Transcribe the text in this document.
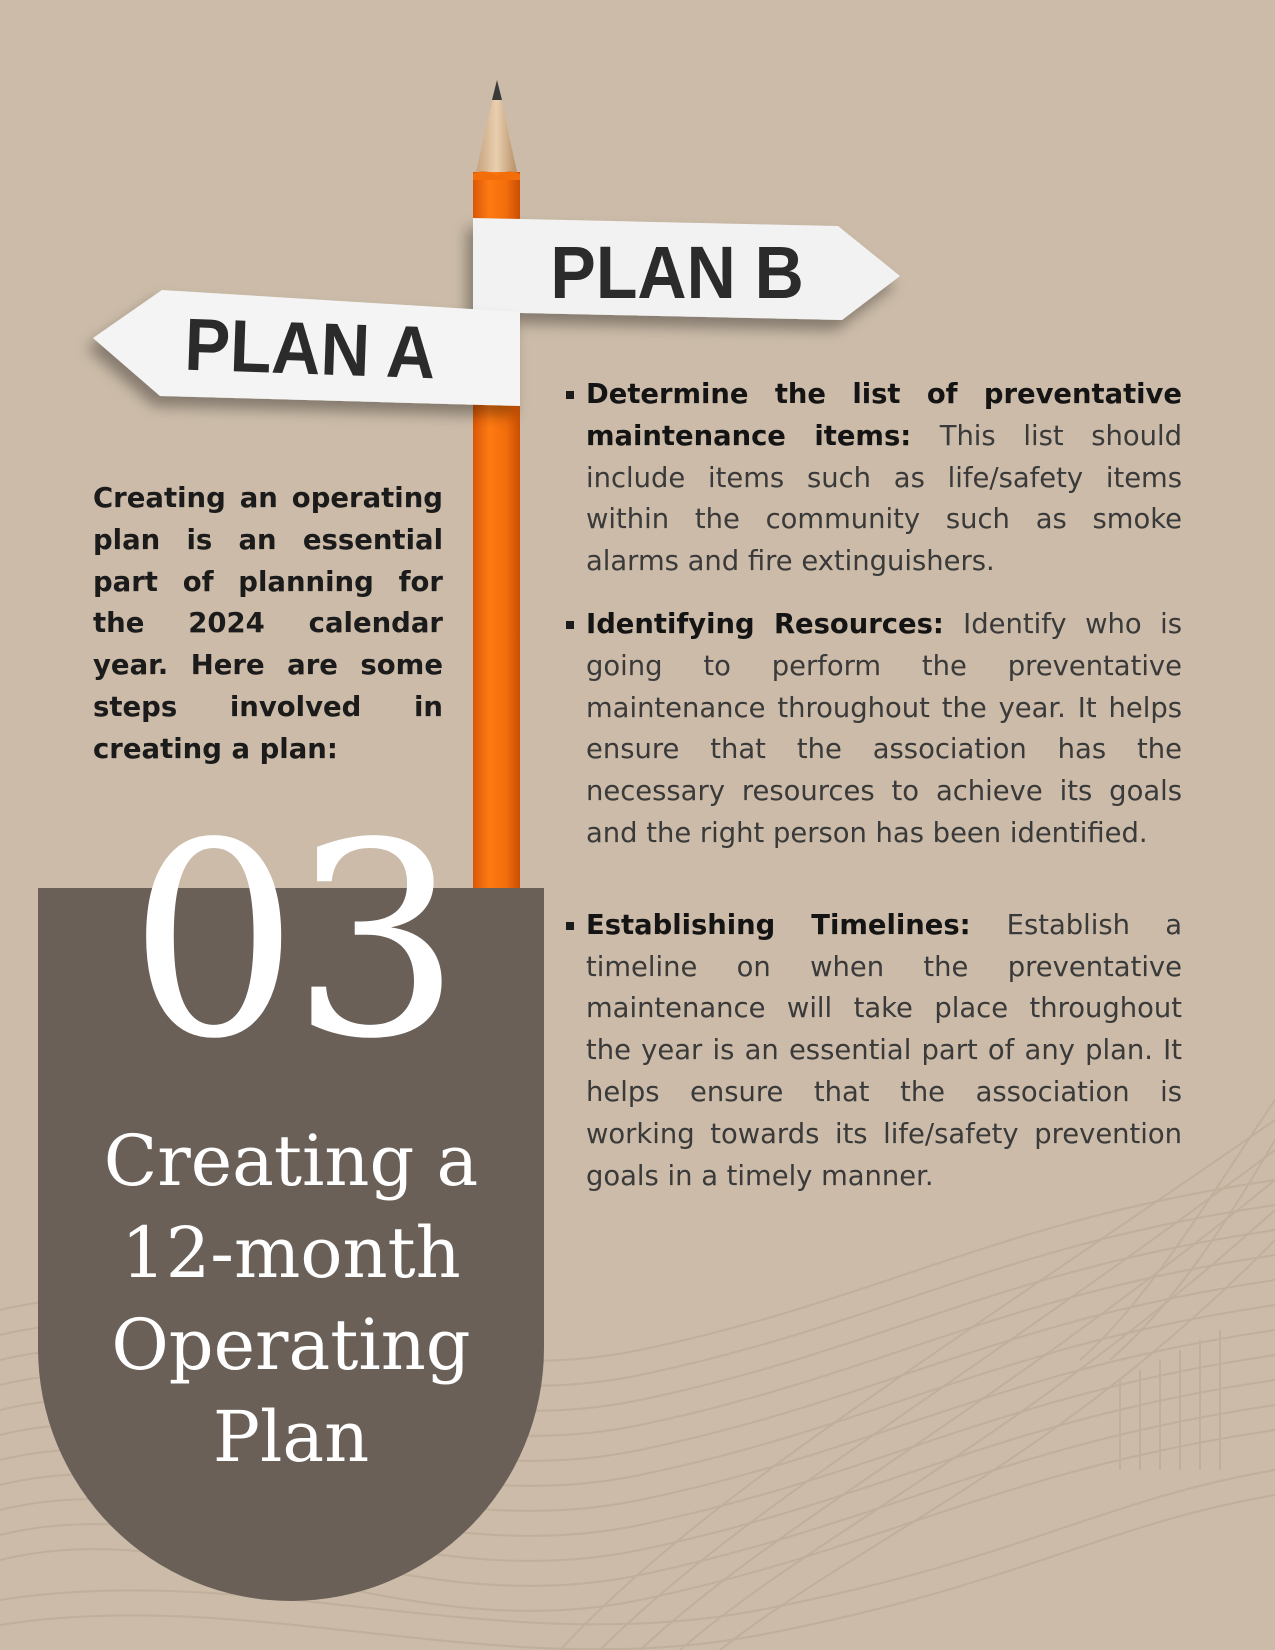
PLAN B
PLAN A

Creating an operating plan is an essential part of planning for the 2024 calendar year. Here are some steps involved in creating a plan:

03
Creating a
12-month
Operating
Plan
Determine the list of preventative maintenance items: This list should include items such as life/safety items within the community such as smoke alarms and fire extinguishers.
Identifying Resources: Identify who is going to perform the preventative maintenance throughout the year. It helps ensure that the association has the necessary resources to achieve its goals and the right person has been identified.
Establishing Timelines: Establish a timeline on when the preventative maintenance will take place throughout the year is an essential part of any plan. It helps ensure that the association is working towards its life/safety prevention goals in a timely manner.
